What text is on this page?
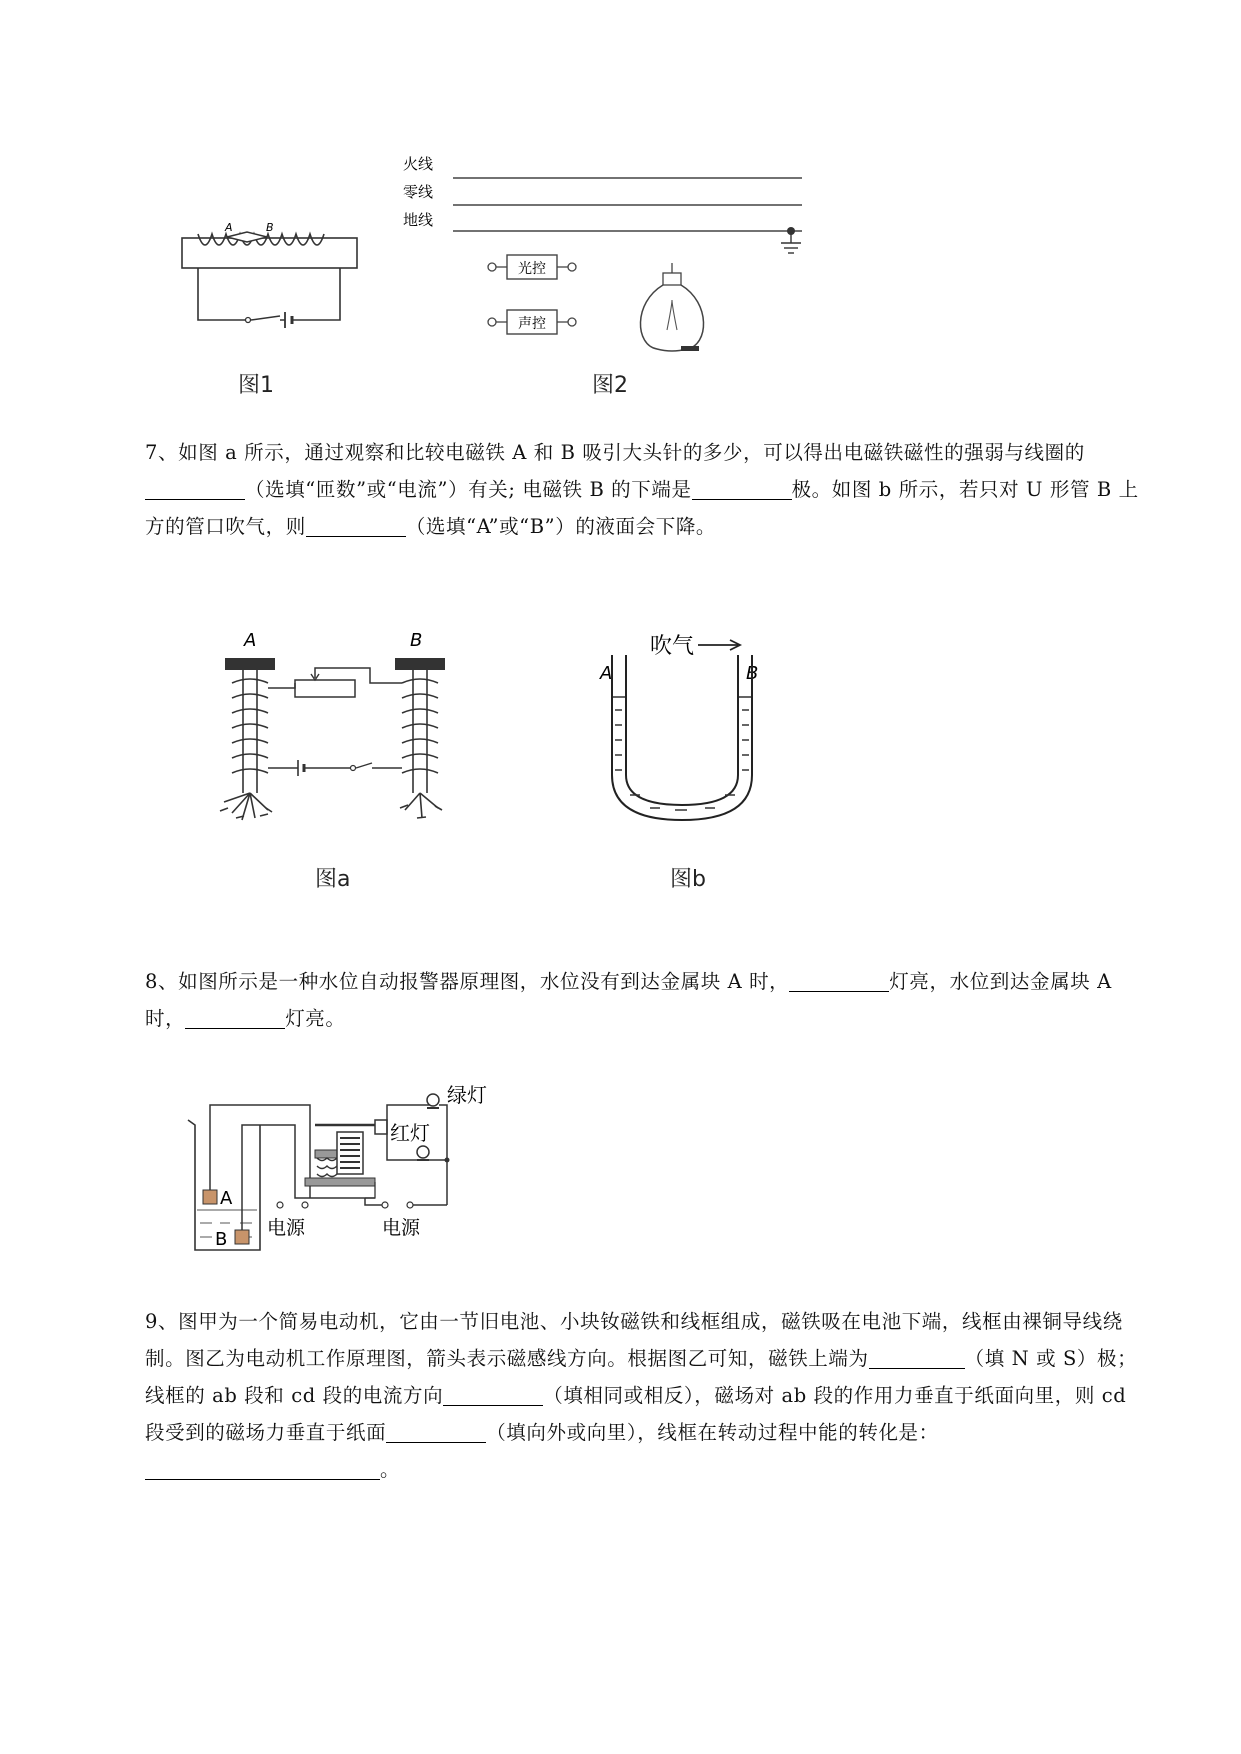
A	B
图1
火线
零线
地线
光控
声控
图2

7、如图 a 所示，通过观察和比较电磁铁 A 和 B 吸引大头针的多少，可以得出电磁铁磁性的强弱与线圈的（选填“匝数”或“电流”）有关; 电磁铁 B 的下端是	极。如图 b 所示，若只对 U 形管 B 上方的管口吹气，则	（选填“A”或“B”）的液面会下降。

A	B
图a
吹气
A	B
图b

8、如图所示是一种水位自动报警器原理图，水位没有到达金属块 A 时，	灯亮，水位到达金属块 A 时，	灯亮。

A
B
电源
红灯
绿灯
电源

9、图甲为一个简易电动机，它由一节旧电池、小块钕磁铁和线框组成，磁铁吸在电池下端，线框由裸铜导线绕制。图乙为电动机工作原理图，箭头表示磁感线方向。根据图乙可知，磁铁上端为	（填 N 或 S）极；线框的 ab 段和 cd 段的电流方向	（填相同或相反），磁场对 ab 段的作用力垂直于纸面向里，则 cd 段受到的磁场力垂直于纸面	（填向外或向里），线框在转动过程中能的转化是：。
